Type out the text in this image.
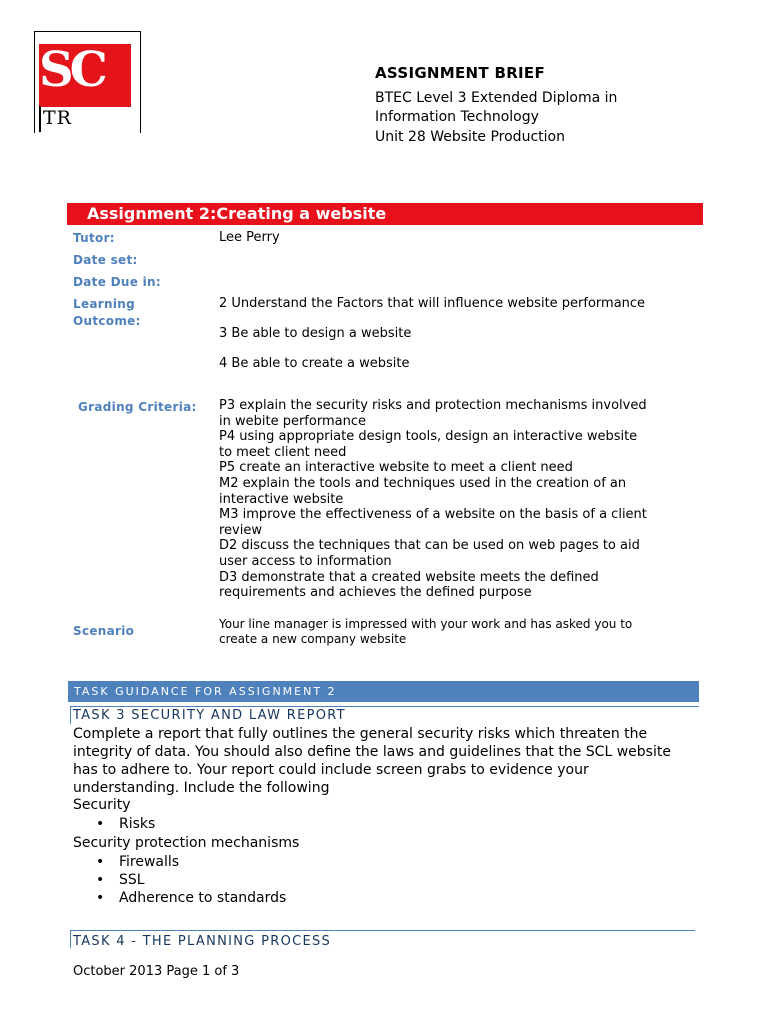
SC
TR
ASSIGNMENT BRIEF
BTEC Level 3 Extended Diploma in
Information Technology
Unit 28 Website Production
Assignment 2:Creating a website
Tutor:	Lee Perry
Date set:
Date Due in:
Learning
Outcome:
2 Understand the Factors that will influence website performance
3 Be able to design a website
4 Be able to create a website
Grading Criteria: P3 explain the security risks and protection mechanisms involved
in webite performance
P4 using appropriate design tools, design an interactive website
to meet client need
P5 create an interactive website to meet a client need
M2 explain the tools and techniques used in the creation of an
interactive website
M3 improve the effectiveness of a website on the basis of a client
review
D2 discuss the techniques that can be used on web pages to aid
user access to information
D3 demonstrate that a created website meets the defined
requirements and achieves the defined purpose
Scenario	Your line manager is impressed with your work and has asked you to
create a new company website
TASK GUIDANCE FOR ASSIGNMENT 2
TASK 3 SECURITY AND LAW REPORT
Complete a report that fully outlines the general security risks which threaten the
integrity of data. You should also define the laws and guidelines that the SCL website
has to adhere to. Your report could include screen grabs to evidence your
understanding. Include the following
Security
• Risks
Security protection mechanisms
• Firewalls
• SSL
• Adherence to standards
TASK 4 - THE PLANNING PROCESS
October 2013 Page 1 of 3
